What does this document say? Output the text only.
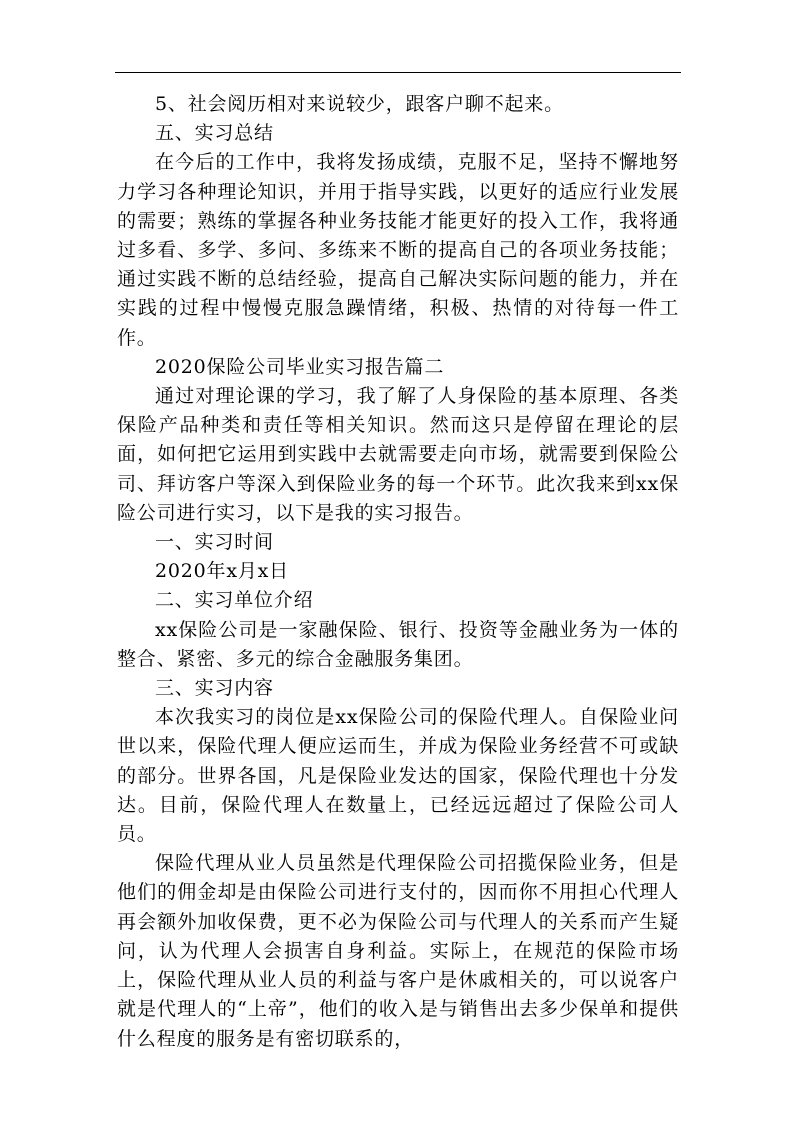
5、社会阅历相对来说较少，跟客户聊不起来。

五、实习总结

在今后的工作中，我将发扬成绩，克服不足，坚持不懈地努力学习各种理论知识，并用于指导实践，以更好的适应行业发展的需要；熟练的掌握各种业务技能才能更好的投入工作，我将通过多看、多学、多问、多练来不断的提高自己的各项业务技能；通过实践不断的总结经验，提高自己解决实际问题的能力，并在实践的过程中慢慢克服急躁情绪，积极、热情的对待每一件工作。

2020保险公司毕业实习报告篇二

通过对理论课的学习，我了解了人身保险的基本原理、各类保险产品种类和责任等相关知识。然而这只是停留在理论的层面，如何把它运用到实践中去就需要走向市场，就需要到保险公司、拜访客户等深入到保险业务的每一个环节。此次我来到xx保险公司进行实习，以下是我的实习报告。

一、实习时间

2020年x月x日

二、实习单位介绍

xx保险公司是一家融保险、银行、投资等金融业务为一体的整合、紧密、多元的综合金融服务集团。

三、实习内容

本次我实习的岗位是xx保险公司的保险代理人。自保险业问世以来，保险代理人便应运而生，并成为保险业务经营不可或缺的部分。世界各国，凡是保险业发达的国家，保险代理也十分发达。目前，保险代理人在数量上，已经远远超过了保险公司人员。

保险代理从业人员虽然是代理保险公司招揽保险业务，但是他们的佣金却是由保险公司进行支付的，因而你不用担心代理人再会额外加收保费，更不必为保险公司与代理人的关系而产生疑问，认为代理人会损害自身利益。实际上，在规范的保险市场上，保险代理从业人员的利益与客户是休戚相关的，可以说客户就是代理人的“上帝”，他们的收入是与销售出去多少保单和提供什么程度的服务是有密切联系的，
